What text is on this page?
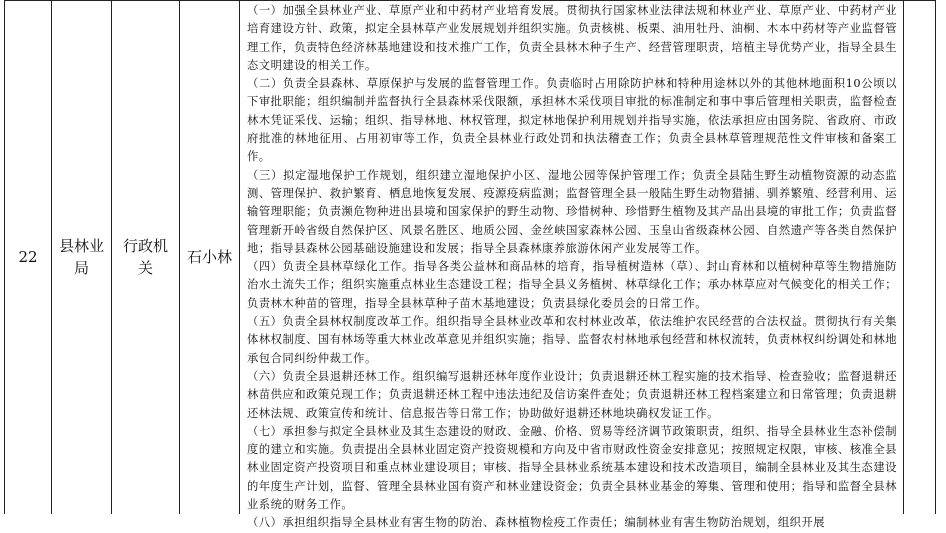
22
县林业局
行政机关
石小林

（一）加强全县林业产业、草原产业和中药材产业培育发展。贯彻执行国家林业法律法规和林业产业、草原产业、中药材产业培育建设方针、政策，拟定全县林草产业发展规划并组织实施。负责核桃、板栗、油用牡丹、油桐、木本中药材等产业监督管理工作，负责特色经济林基地建设和技术推广工作，负责全县林木种子生产、经营管理职责，培植主导优势产业，指导全县生态文明建设的相关工作。

（二）负责全县森林、草原保护与发展的监督管理工作。负责临时占用除防护林和特种用途林以外的其他林地面积10公顷以下审批职能；组织编制并监督执行全县森林采伐限额，承担林木采伐项目审批的标准制定和事中事后管理相关职责，监督检查林木凭证采伐、运输；组织、指导林地、林权管理，拟定林地保护利用规划并指导实施，依法承担应由国务院、省政府、市政府批准的林地征用、占用初审等工作，负责全县林业行政处罚和执法稽查工作；负责全县林草管理规范性文件审核和备案工作。

（三）拟定湿地保护工作规划，组织建立湿地保护小区、湿地公园等保护管理工作；负责全县陆生野生动植物资源的动态监测、管理保护、救护繁育、栖息地恢复发展、疫源疫病监测；监督管理全县一般陆生野生动物猎捕、驯养繁殖、经营利用、运输管理职能；负责濒危物种进出县境和国家保护的野生动物、珍惜树种、珍惜野生植物及其产品出县境的审批工作；负责监督管理新开岭省级自然保护区、风景名胜区、地质公园、金丝峡国家森林公园、玉皇山省级森林公园、自然遗产等各类自然保护地；指导县森林公园基础设施建设和发展；指导全县森林康养旅游休闲产业发展等工作。

（四）负责全县林草绿化工作。指导各类公益林和商品林的培育，指导植树造林（草）、封山育林和以植树种草等生物措施防治水土流失工作；组织实施重点林业生态建设工程；指导全县义务植树、林草绿化工作；承办林草应对气候变化的相关工作；负责林木种苗的管理，指导全县林草种子苗木基地建设；负责县绿化委员会的日常工作。

（五）负责全县林权制度改革工作。组织指导全县林业改革和农村林业改革，依法维护农民经营的合法权益。贯彻执行有关集体林权制度、国有林场等重大林业改革意见并组织实施；指导、监督农村林地承包经营和林权流转，负责林权纠纷调处和林地承包合同纠纷仲裁工作。

（六）负责全县退耕还林工作。组织编写退耕还林年度作业设计；负责退耕还林工程实施的技术指导、检查验收；监督退耕还林苗供应和政策兑现工作；负责退耕还林工程中违法违纪及信访案件查处；负责退耕还林工程档案建立和日常管理；负责退耕还林法规、政策宣传和统计、信息报告等日常工作；协助做好退耕还林地块确权发证工作。

（七）承担参与拟定全县林业及其生态建设的财政、金融、价格、贸易等经济调节政策职责，组织、指导全县林业生态补偿制度的建立和实施。负责提出全县林业固定资产投资规模和方向及中省市财政性资金安排意见；按照规定权限，审核、核准全县林业固定资产投资项目和重点林业建设项目；审核、指导全县林业系统基本建设和技术改造项目，编制全县林业及其生态建设的年度生产计划，监督、管理全县林业国有资产和林业建设资金；负责全县林业基金的筹集、管理和使用；指导和监督全县林业系统的财务工作。

（八）承担组织指导全县林业有害生物的防治、森林植物检疫工作责任；编制林业有害生物防治规划，组织开展
